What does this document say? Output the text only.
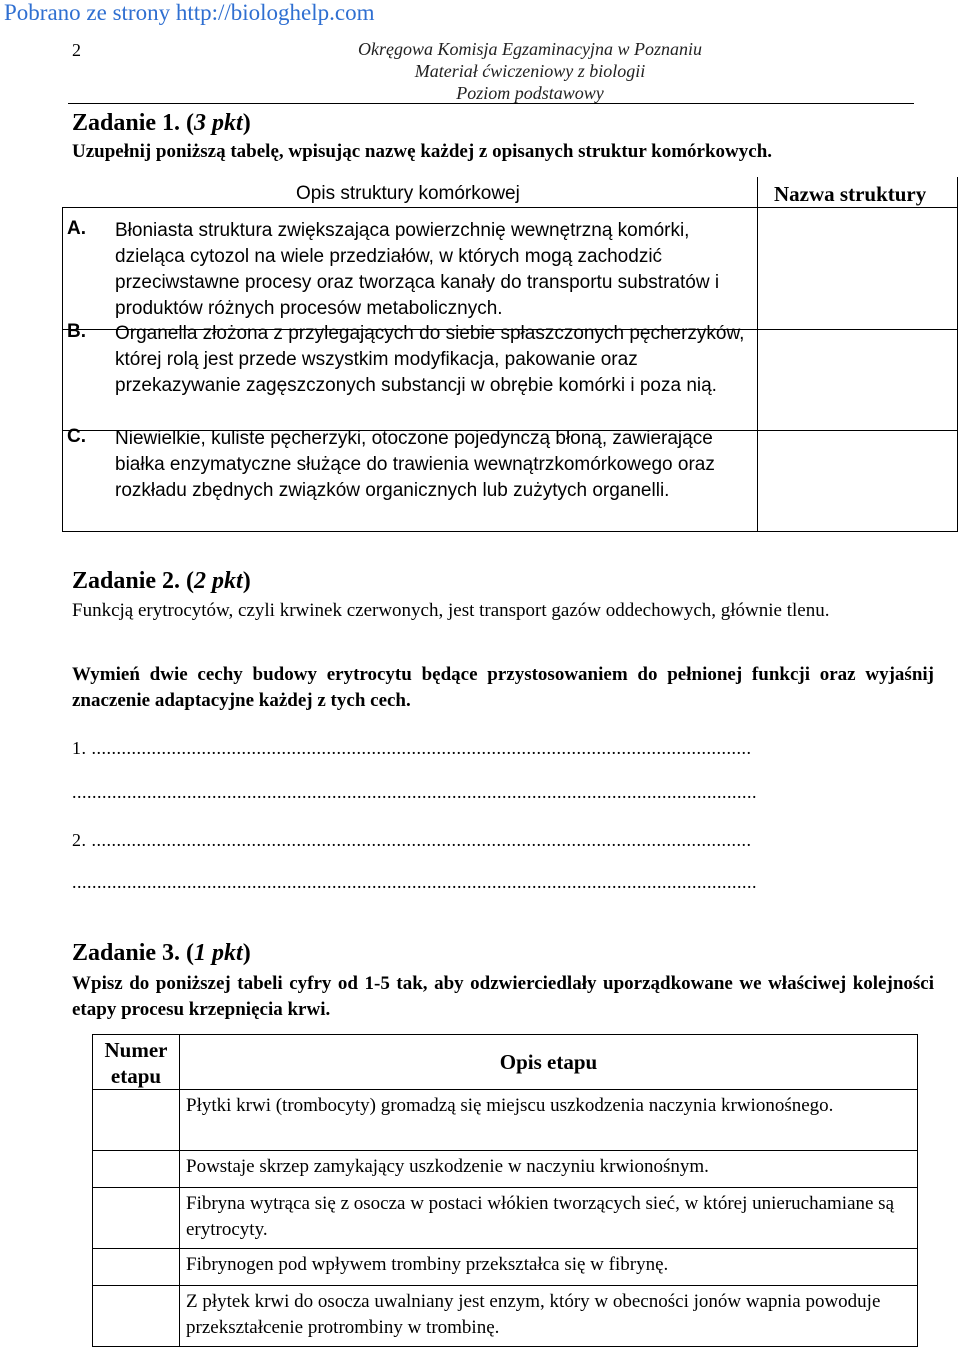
Pobrano ze strony http://biologhelp.com
2	Okręgowa Komisja Egzaminacyjna w Poznaniu
Materiał ćwiczeniowy z biologii
Poziom podstawowy
Zadanie 1. (3 pkt)
Uzupełnij poniższą tabelę, wpisując nazwę każdej z opisanych struktur komórkowych.
Opis struktury komórkowej	Nazwa struktury
A. Błoniasta struktura zwiększająca powierzchnię wewnętrzną komórki, dzieląca cytozol na wiele przedziałów, w których mogą zachodzić przeciwstawne procesy oraz tworząca kanały do transportu substratów i produktów różnych procesów metabolicznych.
B. Organella złożona z przylegających do siebie spłaszczonych pęcherzyków, której rolą jest przede wszystkim modyfikacja, pakowanie oraz przekazywanie zagęszczonych substancji w obrębie komórki i poza nią.
C. Niewielkie, kuliste pęcherzyki, otoczone pojedynczą błoną, zawierające białka enzymatyczne służące do trawienia wewnątrzkomórkowego oraz rozkładu zbędnych związków organicznych lub zużytych organelli.
Zadanie 2. (2 pkt)
Funkcją erytrocytów, czyli krwinek czerwonych, jest transport gazów oddechowych, głównie tlenu.
Wymień dwie cechy budowy erytrocytu będące przystosowaniem do pełnionej funkcji oraz wyjaśnij znaczenie adaptacyjne każdej z tych cech.
1. ....................................................................................................................................
.........................................................................................................................................
2. ....................................................................................................................................
.........................................................................................................................................
Zadanie 3. (1 pkt)
Wpisz do poniższej tabeli cyfry od 1-5 tak, aby odzwierciedlały uporządkowane we właściwej kolejności etapy procesu krzepnięcia krwi.
Numer etapu	Opis etapu
	Płytki krwi (trombocyty) gromadzą się miejscu uszkodzenia naczynia krwionośnego.
	Powstaje skrzep zamykający uszkodzenie w naczyniu krwionośnym.
	Fibryna wytrąca się z osocza w postaci włókien tworzących sieć, w której unieruchamiane są erytrocyty.
	Fibrynogen pod wpływem trombiny przekształca się w fibrynę.
	Z płytek krwi do osocza uwalniany jest enzym, który w obecności jonów wapnia powoduje przekształcenie protrombiny w trombinę.
